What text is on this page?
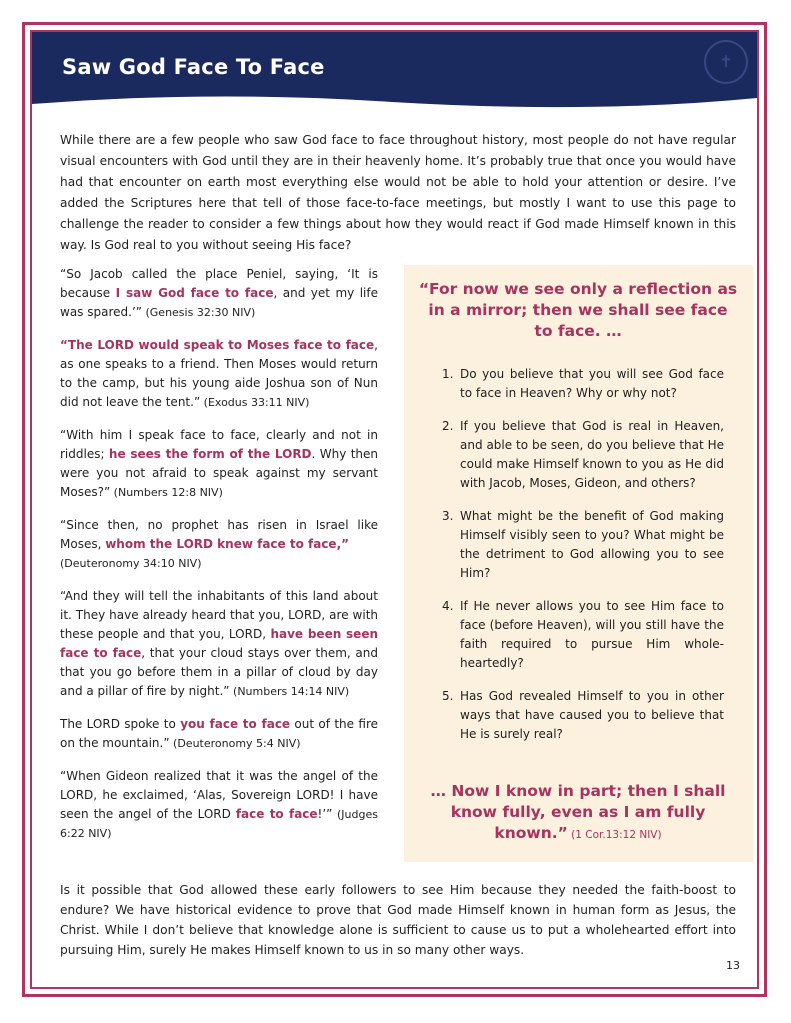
Saw God Face To Face	✝

While there are a few people who saw God face to face throughout history, most people do not have regular visual encounters with God until they are in their heavenly home. It’s probably true that once you would have had that encounter on earth most everything else would not be able to hold your attention or desire. I’ve added the Scriptures here that tell of those face-to-face meetings, but mostly I want to use this page to challenge the reader to consider a few things about how they would react if God made Himself known in this way. Is God real to you without seeing His face?

“So Jacob called the place Peniel, saying, ‘It is because I saw God face to face, and yet my life was spared.’” (Genesis 32:30 NIV)

“The LORD would speak to Moses face to face, as one speaks to a friend. Then Moses would return to the camp, but his young aide Joshua son of Nun did not leave the tent.” (Exodus 33:11 NIV)

“With him I speak face to face, clearly and not in riddles; he sees the form of the LORD. Why then were you not afraid to speak against my servant Moses?” (Numbers 12:8 NIV)

“Since then, no prophet has risen in Israel like Moses, whom the LORD knew face to face,”
(Deuteronomy 34:10 NIV)

“And they will tell the inhabitants of this land about it. They have already heard that you, LORD, are with these people and that you, LORD, have been seen face to face, that your cloud stays over them, and that you go before them in a pillar of cloud by day and a pillar of fire by night.” (Numbers 14:14 NIV)

The LORD spoke to you face to face out of the fire on the mountain.” (Deuteronomy 5:4 NIV)

“When Gideon realized that it was the angel of the LORD, he exclaimed, ‘Alas, Sovereign LORD! I have seen the angel of the LORD face to face!’” (Judges 6:22 NIV)

“For now we see only a reflection as in a mirror; then we shall see face to face. …

1. Do you believe that you will see God face to face in Heaven? Why or why not?
2. If you believe that God is real in Heaven, and able to be seen, do you believe that He could make Himself known to you as He did with Jacob, Moses, Gideon, and others?
3. What might be the benefit of God making Himself visibly seen to you? What might be the detriment to God allowing you to see Him?
4. If He never allows you to see Him face to face (before Heaven), will you still have the faith required to pursue Him whole-heartedly?
5. Has God revealed Himself to you in other ways that have caused you to believe that He is surely real?

… Now I know in part; then I shall know fully, even as I am fully known.” (1 Cor.13:12 NIV)

Is it possible that God allowed these early followers to see Him because they needed the faith-boost to endure? We have historical evidence to prove that God made Himself known in human form as Jesus, the Christ. While I don’t believe that knowledge alone is sufficient to cause us to put a wholehearted effort into pursuing Him, surely He makes Himself known to us in so many other ways.

13
